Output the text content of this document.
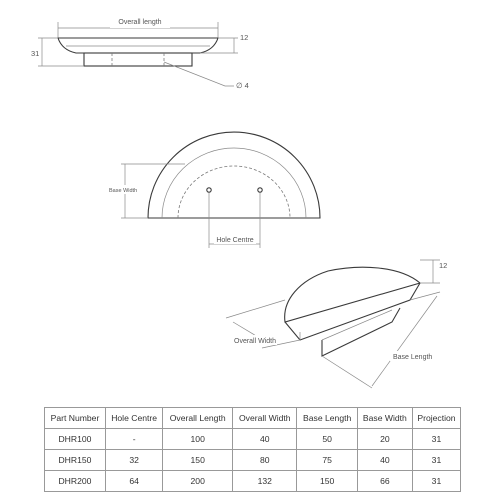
Overall length
31
12
∅ 4
Base Width
Hole Centre
12
Overall Width
Base Length
Part Number	Hole Centre	Overall Length	Overall Width	Base Length	Base Width	Projection
DHR100	-	100	40	50	20	31
DHR150	32	150	80	75	40	31
DHR200	64	200	132	150	66	31
